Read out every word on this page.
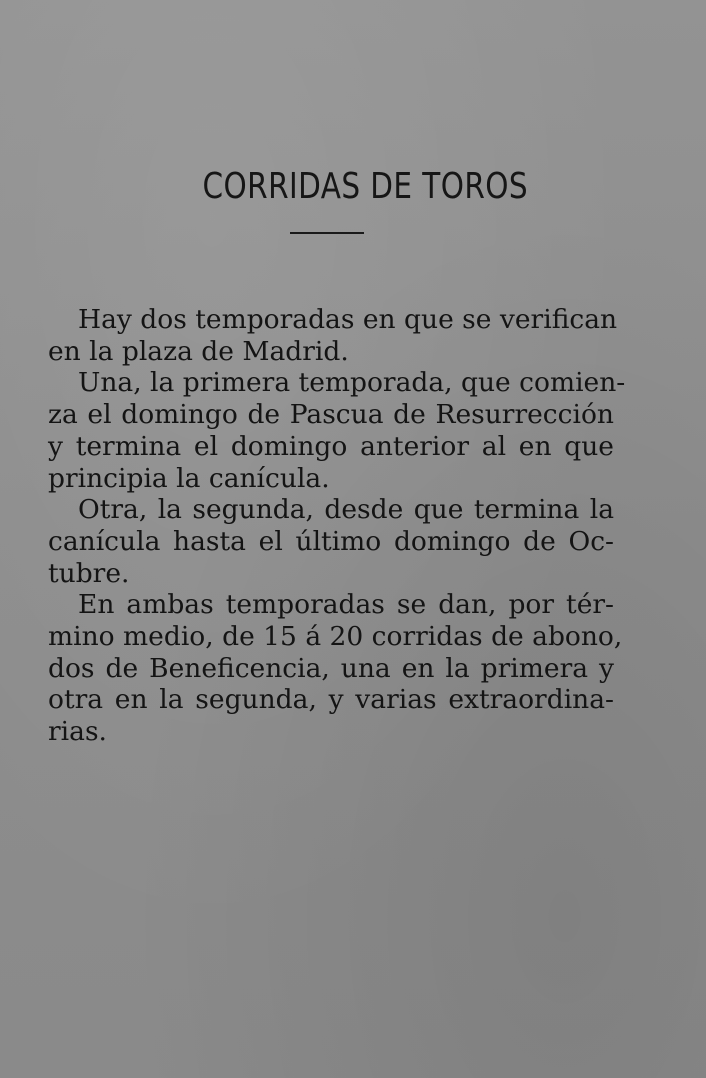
CORRIDAS DE TOROS

Hay dos temporadas en que se verifican
en la plaza de Madrid.

Una, la primera temporada, que comien-
za el domingo de Pascua de Resurrección
y termina el domingo anterior al en que
principia la canícula.

Otra, la segunda, desde que termina la
canícula hasta el último domingo de Oc-
tubre.

En ambas temporadas se dan, por tér-
mino medio, de 15 á 20 corridas de abono,
dos de Beneficencia, una en la primera y
otra en la segunda, y varias extraordina-
rias.
